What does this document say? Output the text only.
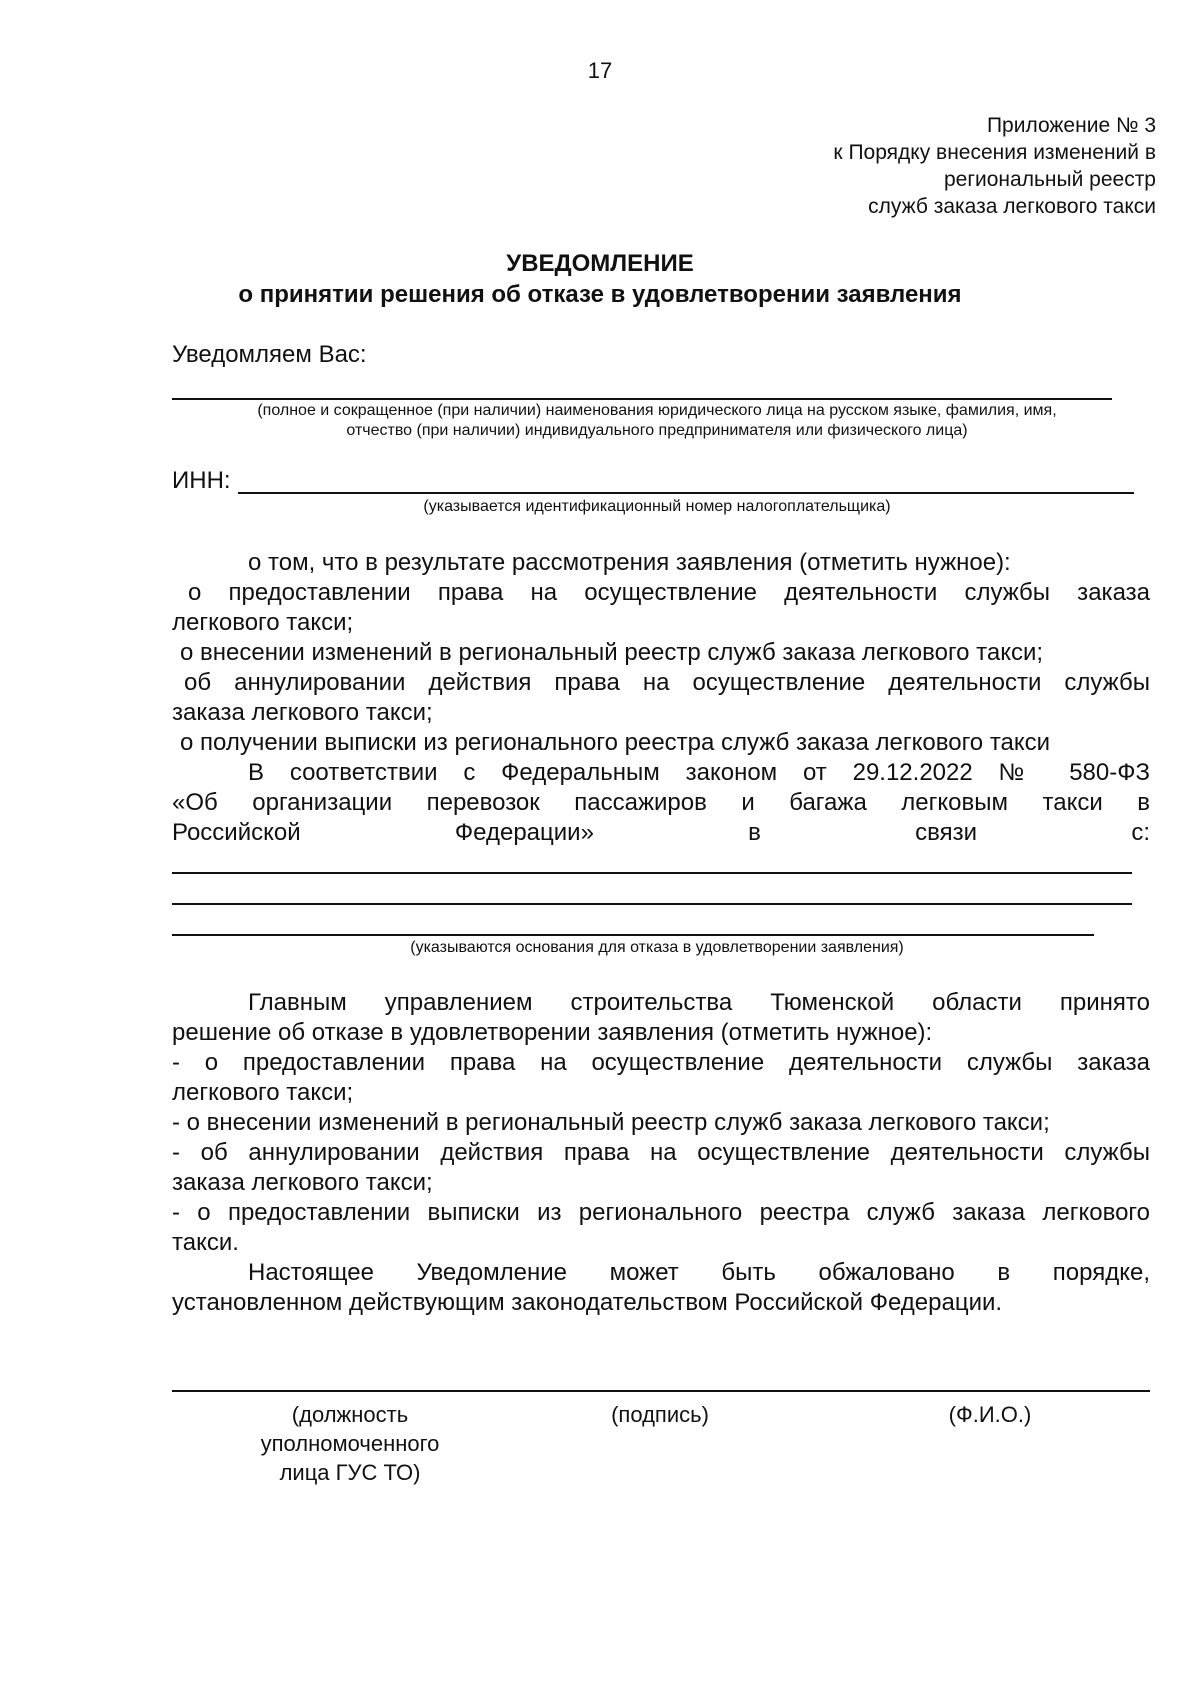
17
Приложение № 3
к Порядку внесения изменений в
региональный реестр
служб заказа легкового такси
УВЕДОМЛЕНИЕ
о принятии решения об отказе в удовлетворении заявления
Уведомляем Вас:
(полное и сокращенное (при наличии) наименования юридического лица на русском языке, фамилия, имя,
отчество (при наличии) индивидуального предпринимателя или физического лица)
ИНН:
(указывается идентификационный номер налогоплательщика)
о том, что в результате рассмотрения заявления (отметить нужное):
о предоставлении права на осуществление деятельности службы заказа
легкового такси;
о внесении изменений в региональный реестр служб заказа легкового такси;
об аннулировании действия права на осуществление деятельности службы
заказа легкового такси;
о получении выписки из регионального реестра служб заказа легкового такси
В соответствии с Федеральным законом от 29.12.2022 № 580-ФЗ
«Об организации перевозок пассажиров и багажа легковым такси в
Российской Федерации» в связи с:
(указываются основания для отказа в удовлетворении заявления)
Главным управлением строительства Тюменской области принято
решение об отказе в удовлетворении заявления (отметить нужное):
- о предоставлении права на осуществление деятельности службы заказа
легкового такси;
- о внесении изменений в региональный реестр служб заказа легкового такси;
- об аннулировании действия права на осуществление деятельности службы
заказа легкового такси;
- о предоставлении выписки из регионального реестра служб заказа легкового
такси.
Настоящее Уведомление может быть обжаловано в порядке,
установленном действующим законодательством Российской Федерации.
(должность
уполномоченного
лица ГУС ТО)
(подпись)	(Ф.И.О.)
